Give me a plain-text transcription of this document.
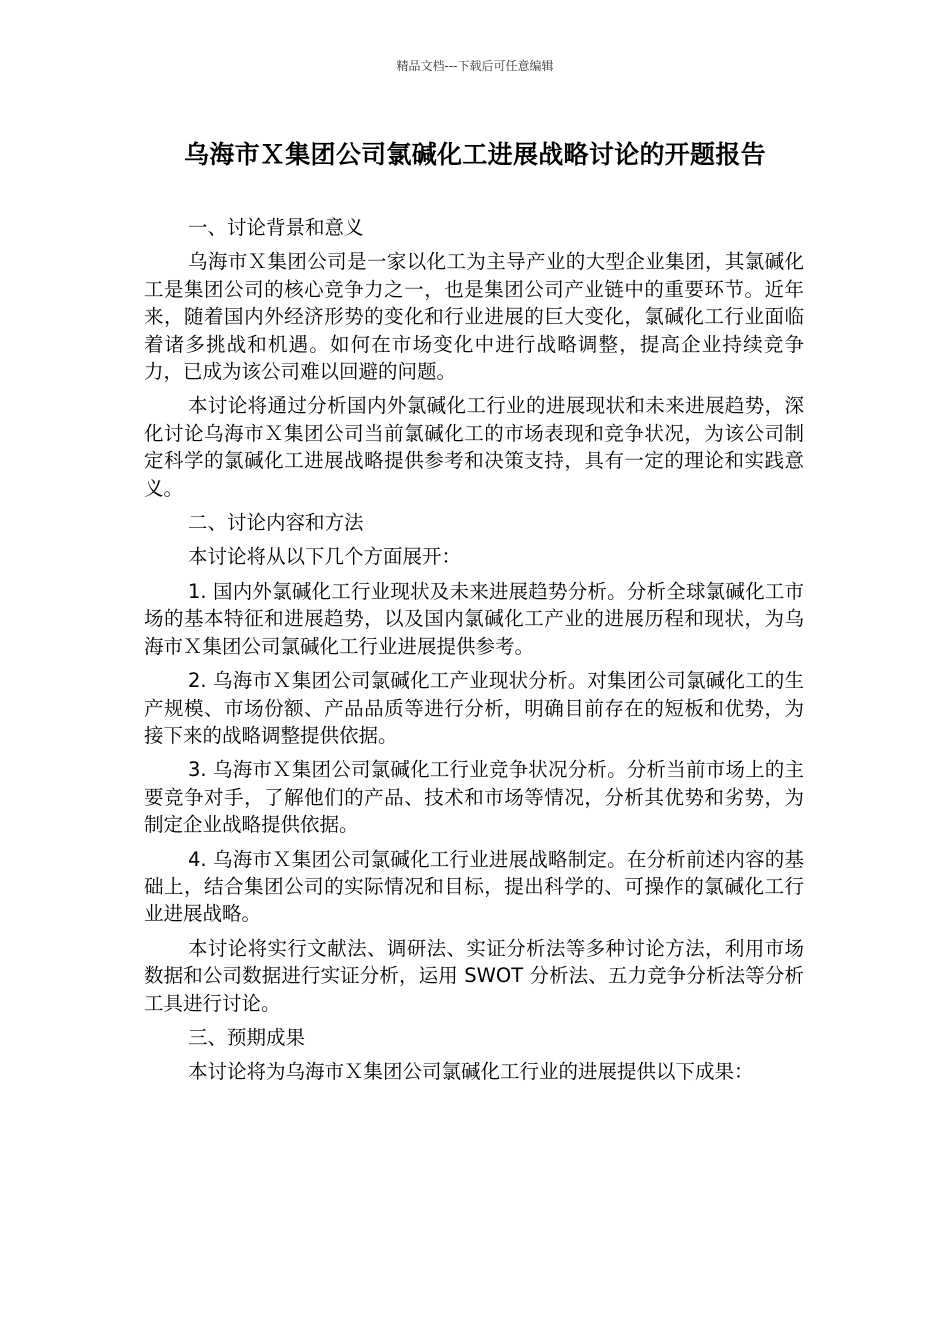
精品文档---下载后可任意编辑
乌海市Ｘ集团公司氯碱化工进展战略讨论的开题报告

一、讨论背景和意义

乌海市Ｘ集团公司是一家以化工为主导产业的大型企业集团，其氯碱化工是集团公司的核心竞争力之一，也是集团公司产业链中的重要环节。近年来，随着国内外经济形势的变化和行业进展的巨大变化，氯碱化工行业面临着诸多挑战和机遇。如何在市场变化中进行战略调整，提高企业持续竞争力，已成为该公司难以回避的问题。

本讨论将通过分析国内外氯碱化工行业的进展现状和未来进展趋势，深化讨论乌海市Ｘ集团公司当前氯碱化工的市场表现和竞争状况，为该公司制定科学的氯碱化工进展战略提供参考和决策支持，具有一定的理论和实践意义。

二、讨论内容和方法

本讨论将从以下几个方面展开：

1. 国内外氯碱化工行业现状及未来进展趋势分析。分析全球氯碱化工市场的基本特征和进展趋势，以及国内氯碱化工产业的进展历程和现状，为乌海市Ｘ集团公司氯碱化工行业进展提供参考。

2. 乌海市Ｘ集团公司氯碱化工产业现状分析。对集团公司氯碱化工的生产规模、市场份额、产品品质等进行分析，明确目前存在的短板和优势，为接下来的战略调整提供依据。

3. 乌海市Ｘ集团公司氯碱化工行业竞争状况分析。分析当前市场上的主要竞争对手，了解他们的产品、技术和市场等情况，分析其优势和劣势，为制定企业战略提供依据。

4. 乌海市Ｘ集团公司氯碱化工行业进展战略制定。在分析前述内容的基础上，结合集团公司的实际情况和目标，提出科学的、可操作的氯碱化工行业进展战略。

本讨论将实行文献法、调研法、实证分析法等多种讨论方法，利用市场数据和公司数据进行实证分析，运用 SWOT 分析法、五力竞争分析法等分析工具进行讨论。

三、预期成果

本讨论将为乌海市Ｘ集团公司氯碱化工行业的进展提供以下成果：
